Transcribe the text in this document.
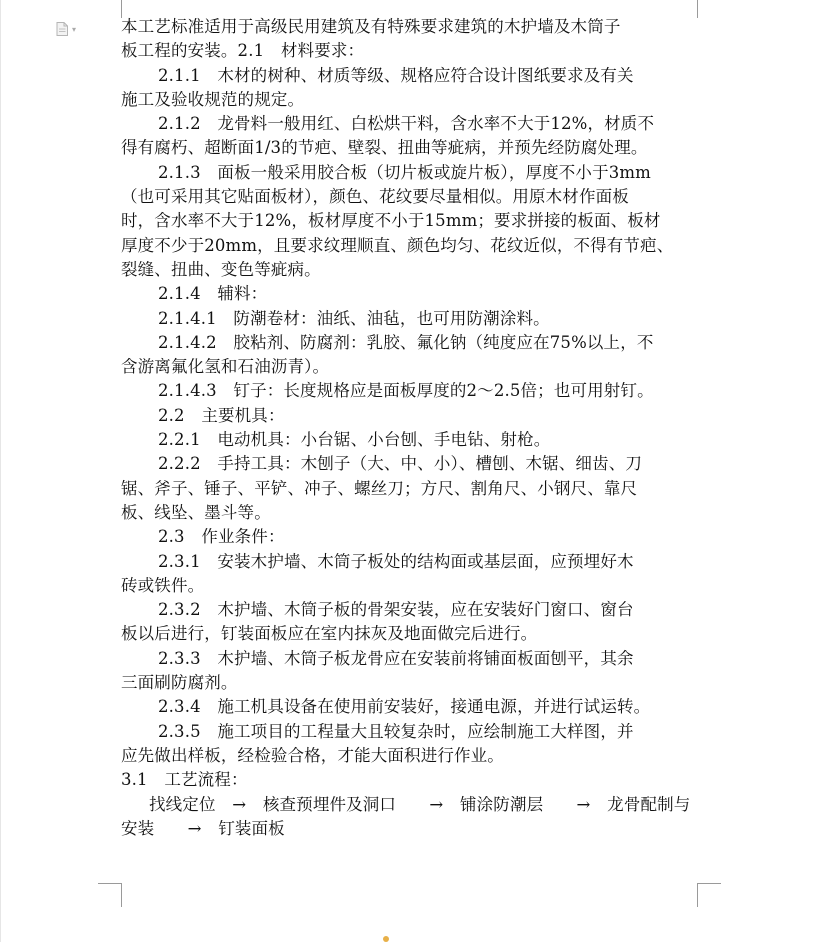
▾	本工艺标准适用于高级民用建筑及有特殊要求建筑的木护墙及木筒子
板工程的安装。2.1　材料要求：
2.1.1　木材的树种、材质等级、规格应符合设计图纸要求及有关
施工及验收规范的规定。
2.1.2　龙骨料一般用红、白松烘干料，含水率不大于12%，材质不
得有腐朽、超断面1/3的节疤、壁裂、扭曲等疵病，并预先经防腐处理。
2.1.3　面板一般采用胶合板（切片板或旋片板），厚度不小于3mm
（也可采用其它贴面板材），颜色、花纹要尽量相似。用原木材作面板
时，含水率不大于12%，板材厚度不小于15mm；要求拼接的板面、板材
厚度不少于20mm，且要求纹理顺直、颜色均匀、花纹近似，不得有节疤、
裂缝、扭曲、变色等疵病。
2.1.4　辅料：
2.1.4.1　防潮卷材：油纸、油毡，也可用防潮涂料。
2.1.4.2　胶粘剂、防腐剂：乳胶、氟化钠（纯度应在75%以上，不
含游离氟化氢和石油沥青）。
2.1.4.3　钉子：长度规格应是面板厚度的2～2.5倍；也可用射钉。
2.2　主要机具：
2.2.1　电动机具：小台锯、小台刨、手电钻、射枪。
2.2.2　手持工具：木刨子（大、中、小）、槽刨、木锯、细齿、刀
锯、斧子、锤子、平铲、冲子、螺丝刀；方尺、割角尺、小钢尺、靠尺
板、线坠、墨斗等。
2.3　作业条件：
2.3.1　安装木护墙、木筒子板处的结构面或基层面，应预埋好木
砖或铁件。
2.3.2　木护墙、木筒子板的骨架安装，应在安装好门窗口、窗台
板以后进行，钉装面板应在室内抹灰及地面做完后进行。
2.3.3　木护墙、木筒子板龙骨应在安装前将铺面板面刨平，其余
三面刷防腐剂。
2.3.4　施工机具设备在使用前安装好，接通电源，并进行试运转。
2.3.5　施工项目的工程量大且较复杂时，应绘制施工大样图，并
应先做出样板，经检验合格，才能大面积进行作业。
3.1　工艺流程：
找线定位　→　核查预埋件及洞口　　→　铺涂防潮层　　→　龙骨配制与
安装　　→　钉装面板
